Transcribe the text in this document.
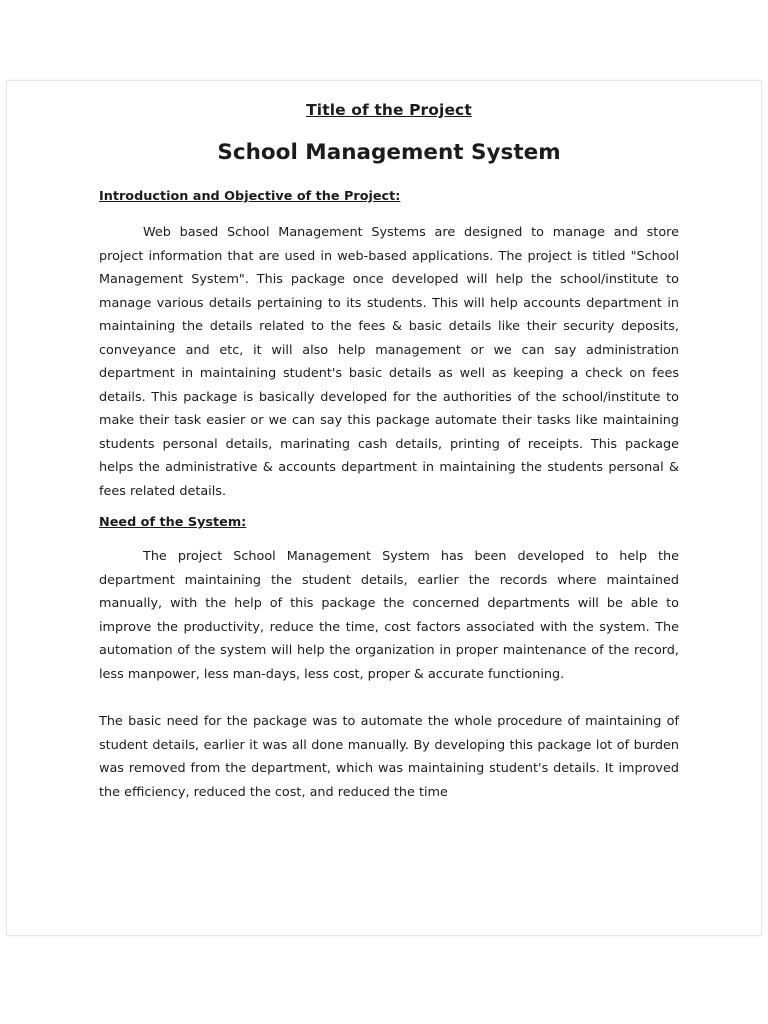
Title of the Project
School Management System
Introduction and Objective of the Project:

Web based School Management Systems are designed to manage and store project information that are used in web-based applications. The project is titled "School Management System". This package once developed will help the school/institute to manage various details pertaining to its students. This will help accounts department in maintaining the details related to the fees & basic details like their security deposits, conveyance and etc, it will also help management or we can say administration department in maintaining student's basic details as well as keeping a check on fees details. This package is basically developed for the authorities of the school/institute to make their task easier or we can say this package automate their tasks like maintaining students personal details, marinating cash details, printing of receipts. This package helps the administrative & accounts department in maintaining the students personal & fees related details.

Need of the System:

The project School Management System has been developed to help the department maintaining the student details, earlier the records where maintained manually, with the help of this package the concerned departments will be able to improve the productivity, reduce the time, cost factors associated with the system. The automation of the system will help the organization in proper maintenance of the record, less manpower, less man-days, less cost, proper & accurate functioning.

The basic need for the package was to automate the whole procedure of maintaining of student details, earlier it was all done manually. By developing this package lot of burden was removed from the department, which was maintaining student's details. It improved the efficiency, reduced the cost, and reduced the time
